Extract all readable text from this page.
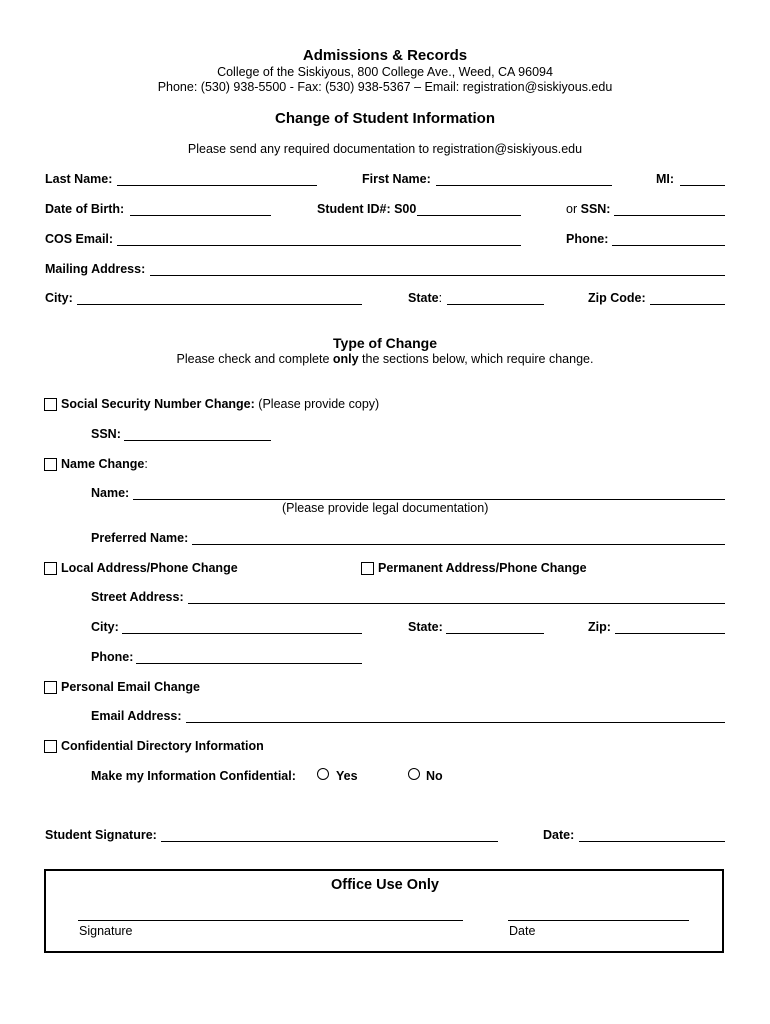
Admissions & Records
College of the Siskiyous, 800 College Ave., Weed, CA 96094
Phone: (530) 938-5500 - Fax: (530) 938-5367 – Email: registration@siskiyous.edu
Change of Student Information
Please send any required documentation to registration@siskiyous.edu
Last Name:	First Name:	MI:
Date of Birth:	Student ID#: S00	or SSN:
COS Email:	Phone:
Mailing Address:
City:	State:	Zip Code:
Type of Change
Please check and complete only the sections below, which require change.
Social Security Number Change: (Please provide copy)
SSN:
Name Change:
Name:
(Please provide legal documentation)
Preferred Name:
Local Address/Phone Change	Permanent Address/Phone Change
Street Address:
City:	State:	Zip:
Phone:
Personal Email Change
Email Address:
Confidential Directory Information
Make my Information Confidential:	Yes	No
Student Signature:	Date:
Office Use Only
Signature	Date
